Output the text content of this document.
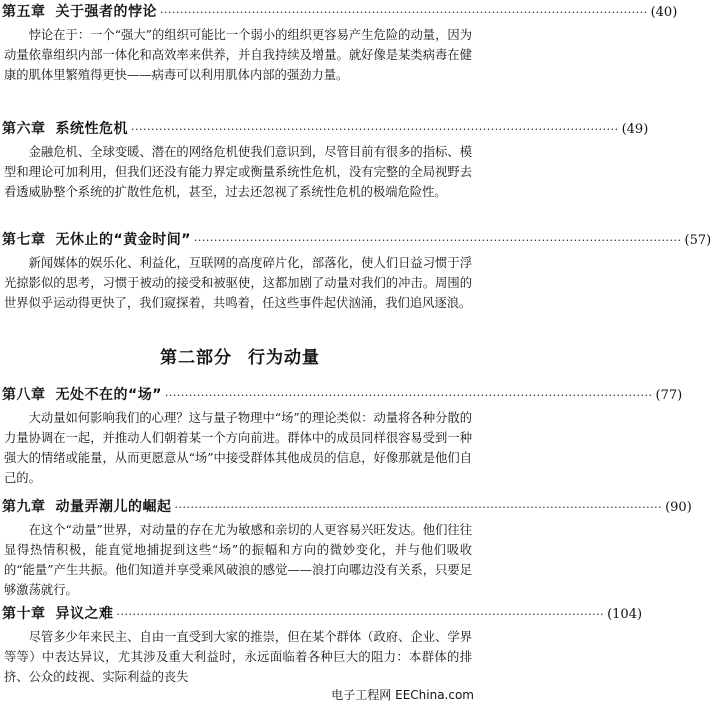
第五章 关于强者的悖论 ·························································································································· (40)

悖论在于：一个“强大”的组织可能比一个弱小的组织更容易产生危险的动量，因为动量依靠组织内部一体化和高效率来供养，并自我持续及增量。就好像是某类病毒在健康的肌体里繁殖得更快——病毒可以利用肌体内部的强劲力量。

第六章 系统性危机 ·························································································································· (49)

金融危机、全球变暖、潜在的网络危机使我们意识到，尽管目前有很多的指标、模型和理论可加利用，但我们还没有能力界定或衡量系统性危机，没有完整的全局视野去看透威胁整个系统的扩散性危机，甚至，过去还忽视了系统性危机的极端危险性。

第七章 无休止的“黄金时间” ·························································································································· (57)

新闻媒体的娱乐化、利益化，互联网的高度碎片化，部落化，使人们日益习惯于浮光掠影似的思考，习惯于被动的接受和被驱使，这都加剧了动量对我们的冲击。周围的世界似乎运动得更快了，我们窥探着，共鸣着，任这些事件起伏汹涌，我们追风逐浪。

第二部分 行为动量
第八章 无处不在的“场” ·························································································································· (77)

大动量如何影响我们的心理？这与量子物理中“场”的理论类似：动量将各种分散的力量协调在一起，并推动人们朝着某一个方向前进。群体中的成员同样很容易受到一种强大的情绪或能量，从而更愿意从“场”中接受群体其他成员的信息，好像那就是他们自己的。

第九章 动量弄潮儿的崛起 ·························································································································· (90)

在这个“动量”世界，对动量的存在尤为敏感和亲切的人更容易兴旺发达。他们往往显得热情积极，能直觉地捕捉到这些“场”的振幅和方向的微妙变化，并与他们吸收的“能量”产生共振。他们知道并享受乘风破浪的感觉——浪打向哪边没有关系，只要足够激荡就行。

第十章 异议之难 ·························································································································· (104)

尽管多少年来民主、自由一直受到大家的推崇，但在某个群体（政府、企业、学界等等）中表达异议，尤其涉及重大利益时，永远面临着各种巨大的阻力：本群体的排挤、公众的歧视、实际利益的丧失

电子工程网 EEChina.com
